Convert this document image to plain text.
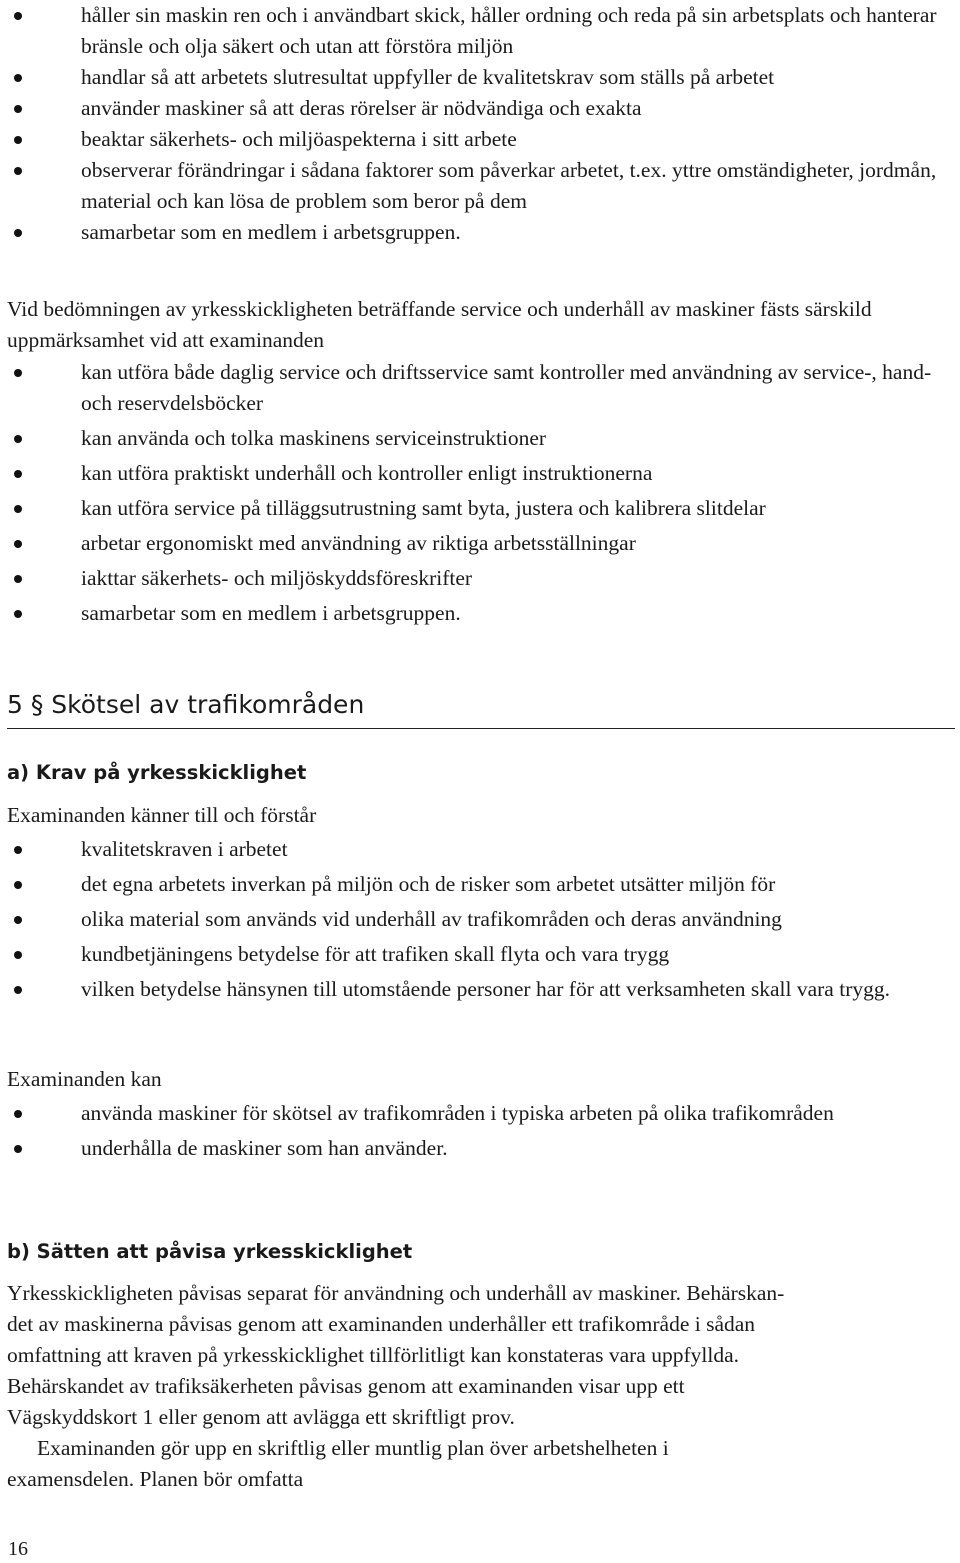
håller sin maskin ren och i användbart skick, håller ordning och reda på sin arbetsplats och hanterar bränsle och olja säkert och utan att förstöra miljön
handlar så att arbetets slutresultat uppfyller de kvalitetskrav som ställs på arbetet
använder maskiner så att deras rörelser är nödvändiga och exakta
beaktar säkerhets- och miljöaspekterna i sitt arbete
observerar förändringar i sådana faktorer som påverkar arbetet, t.ex. yttre omständigheter, jordmån, material och kan lösa de problem som beror på dem
samarbetar som en medlem i arbetsgruppen.

Vid bedömningen av yrkesskickligheten beträffande service och underhåll av maskiner fästs särskild uppmärksamhet vid att examinanden

kan utföra både daglig service och driftsservice samt kontroller med användning av service-, hand- och reservdelsböcker
kan använda och tolka maskinens serviceinstruktioner
kan utföra praktiskt underhåll och kontroller enligt instruktionerna
kan utföra service på tilläggsutrustning samt byta, justera och kalibrera slitdelar
arbetar ergonomiskt med användning av riktiga arbetsställningar
iakttar säkerhets- och miljöskyddsföreskrifter
samarbetar som en medlem i arbetsgruppen.
5 § Skötsel av trafikområden
a) Krav på yrkesskicklighet
Examinanden känner till och förstår
kvalitetskraven i arbetet
det egna arbetets inverkan på miljön och de risker som arbetet utsätter miljön för
olika material som används vid underhåll av trafikområden och deras användning
kundbetjäningens betydelse för att trafiken skall flyta och vara trygg
vilken betydelse hänsynen till utomstående personer har för att verksamheten skall vara trygg.
Examinanden kan
använda maskiner för skötsel av trafikområden i typiska arbeten på olika trafikområden
underhålla de maskiner som han använder.
b) Sätten att påvisa yrkesskicklighet
Yrkesskickligheten påvisas separat för användning och underhåll av maskiner. Behärskan-
det av maskinerna påvisas genom att examinanden underhåller ett trafikområde i sådan
omfattning att kraven på yrkesskicklighet tillförlitligt kan konstateras vara uppfyllda.
Behärskandet av trafiksäkerheten påvisas genom att examinanden visar upp ett
Vägskyddskort 1 eller genom att avlägga ett skriftligt prov.
Examinanden gör upp en skriftlig eller muntlig plan över arbetshelheten i
examensdelen. Planen bör omfatta
16
